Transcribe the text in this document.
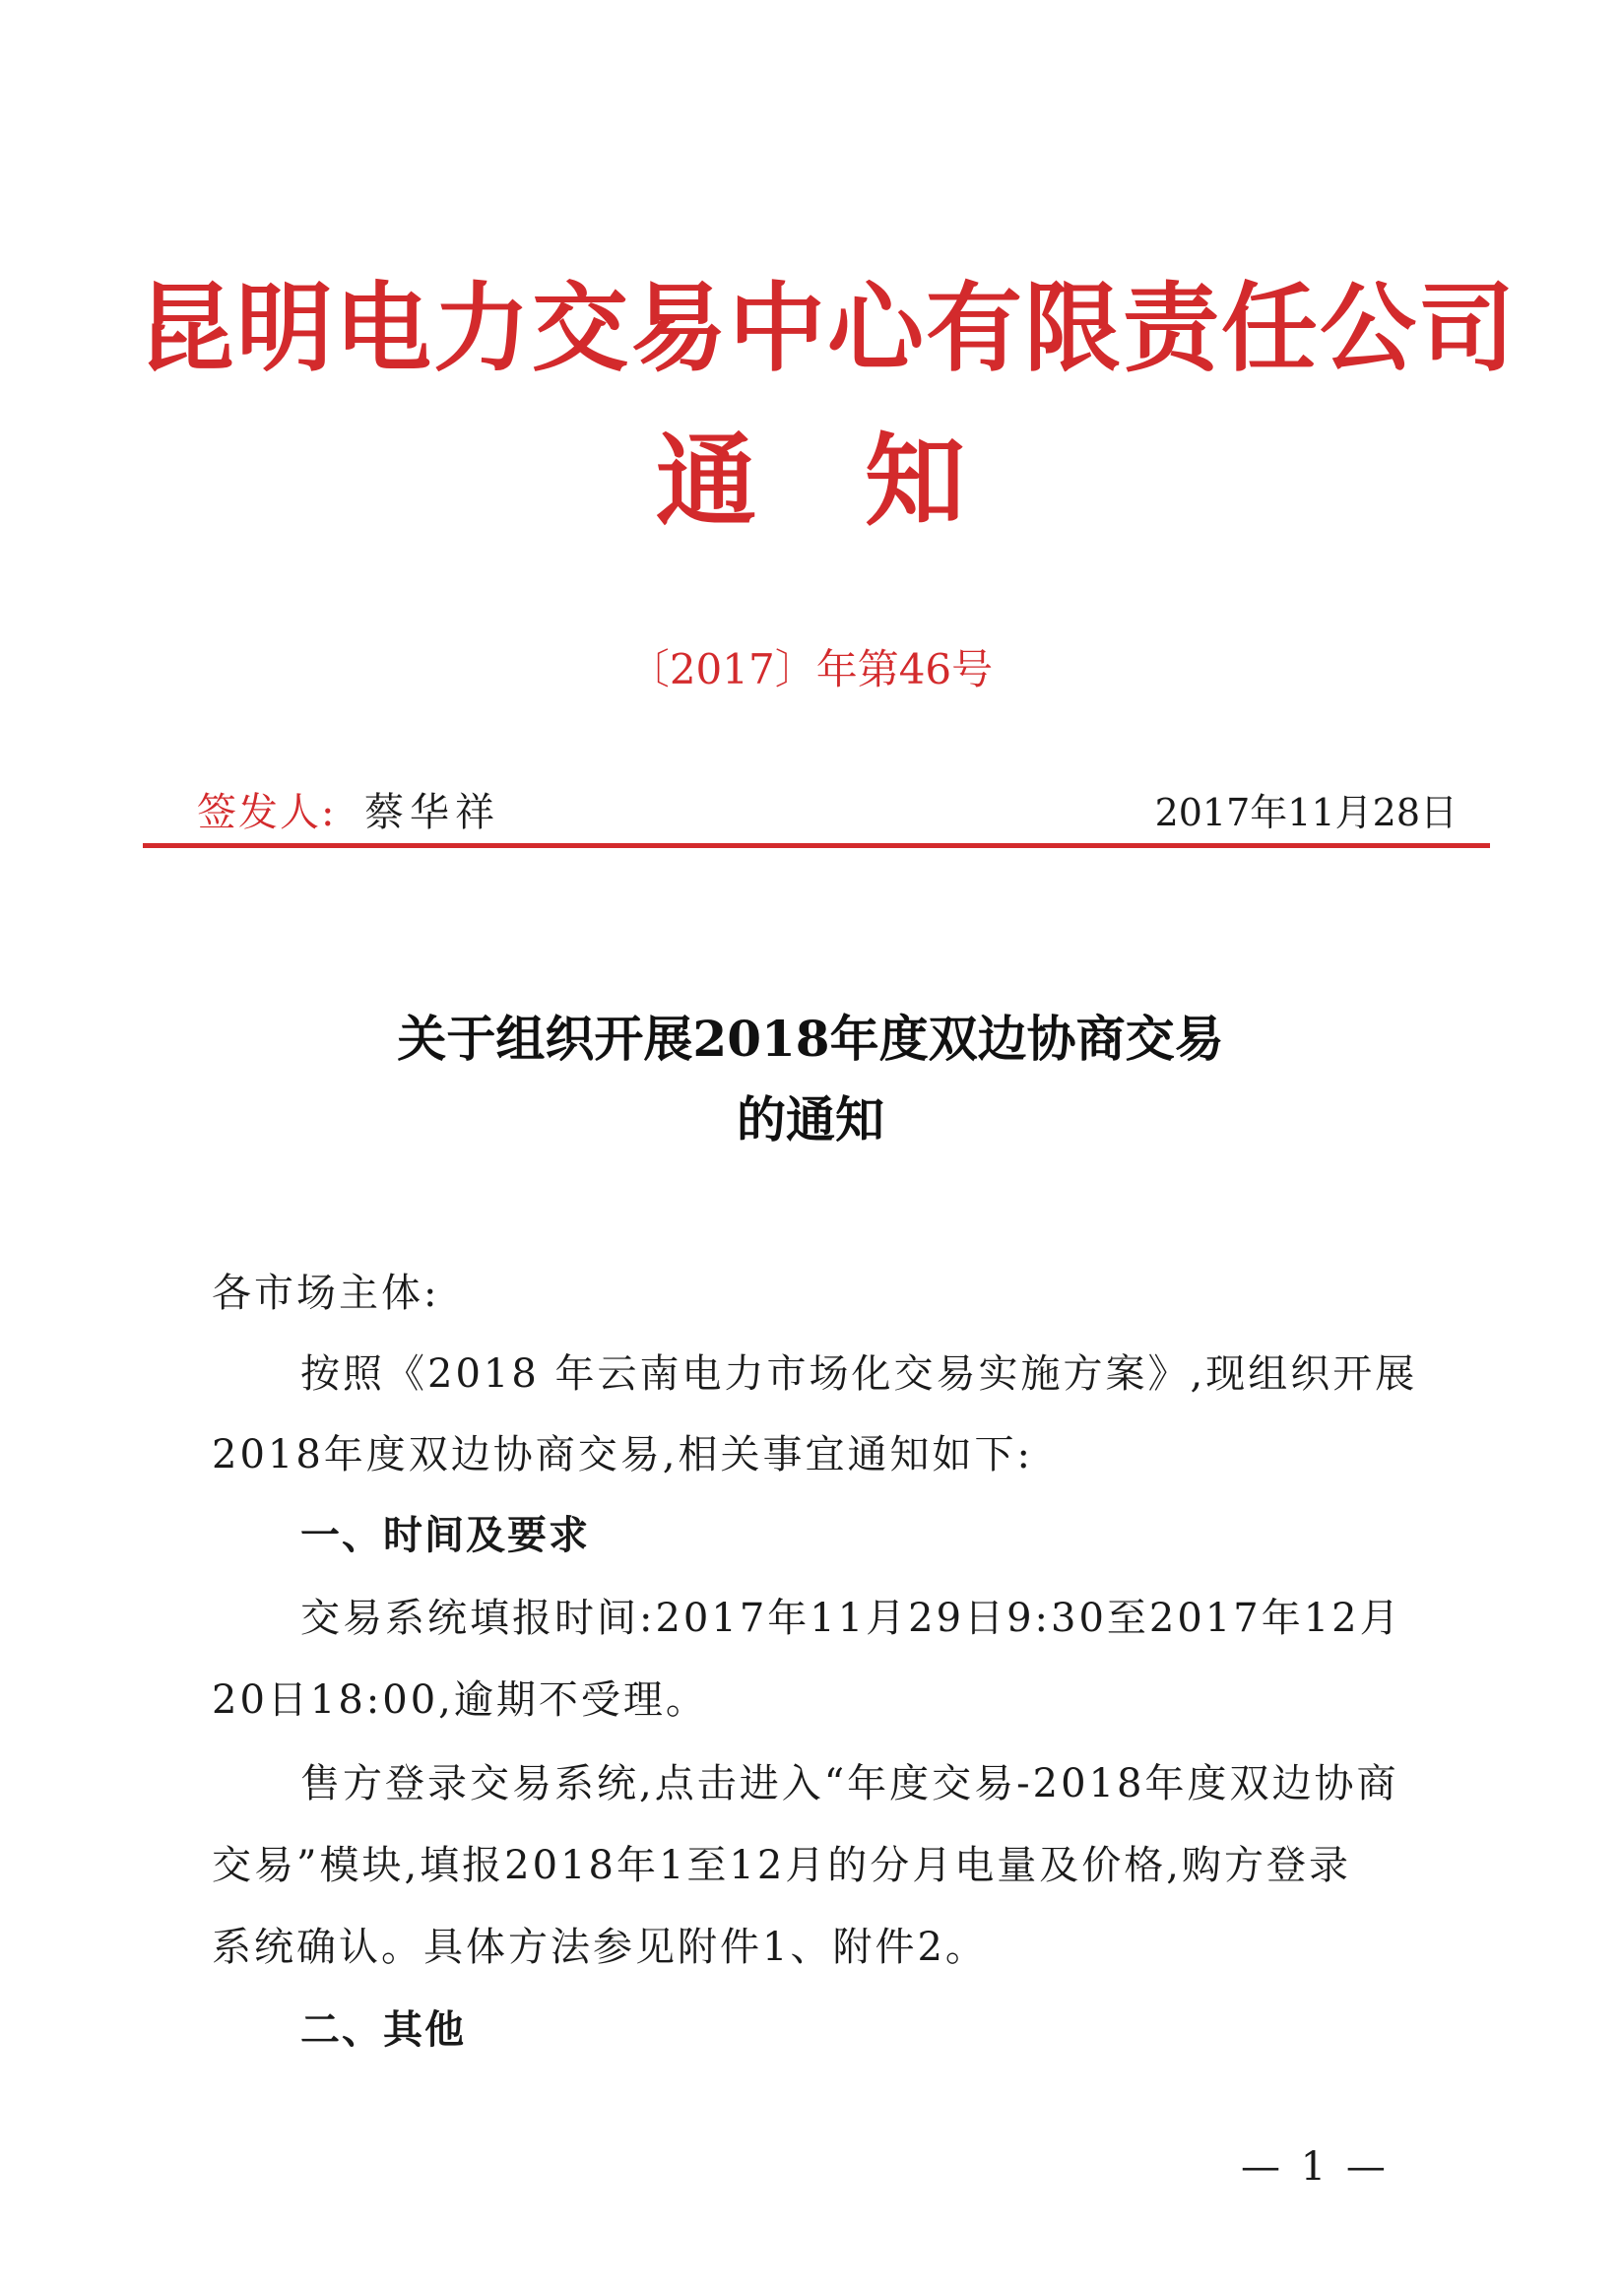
昆明电力交易中心有限责任公司
通知
〔2017〕年第46号
签发人: 蔡华祥	2017年11月28日
关于组织开展2018年度双边协商交易
的通知
各市场主体:
按照《2018 年云南电力市场化交易实施方案》,现组织开展
2018年度双边协商交易,相关事宜通知如下:
一、时间及要求
交易系统填报时间:2017年11月29日9:30至2017年12月
20日18:00,逾期不受理。
售方登录交易系统,点击进入“年度交易-2018年度双边协商
交易”模块,填报2018年1至12月的分月电量及价格,购方登录
系统确认。具体方法参见附件1、附件2。
二、其他
— 1 —
